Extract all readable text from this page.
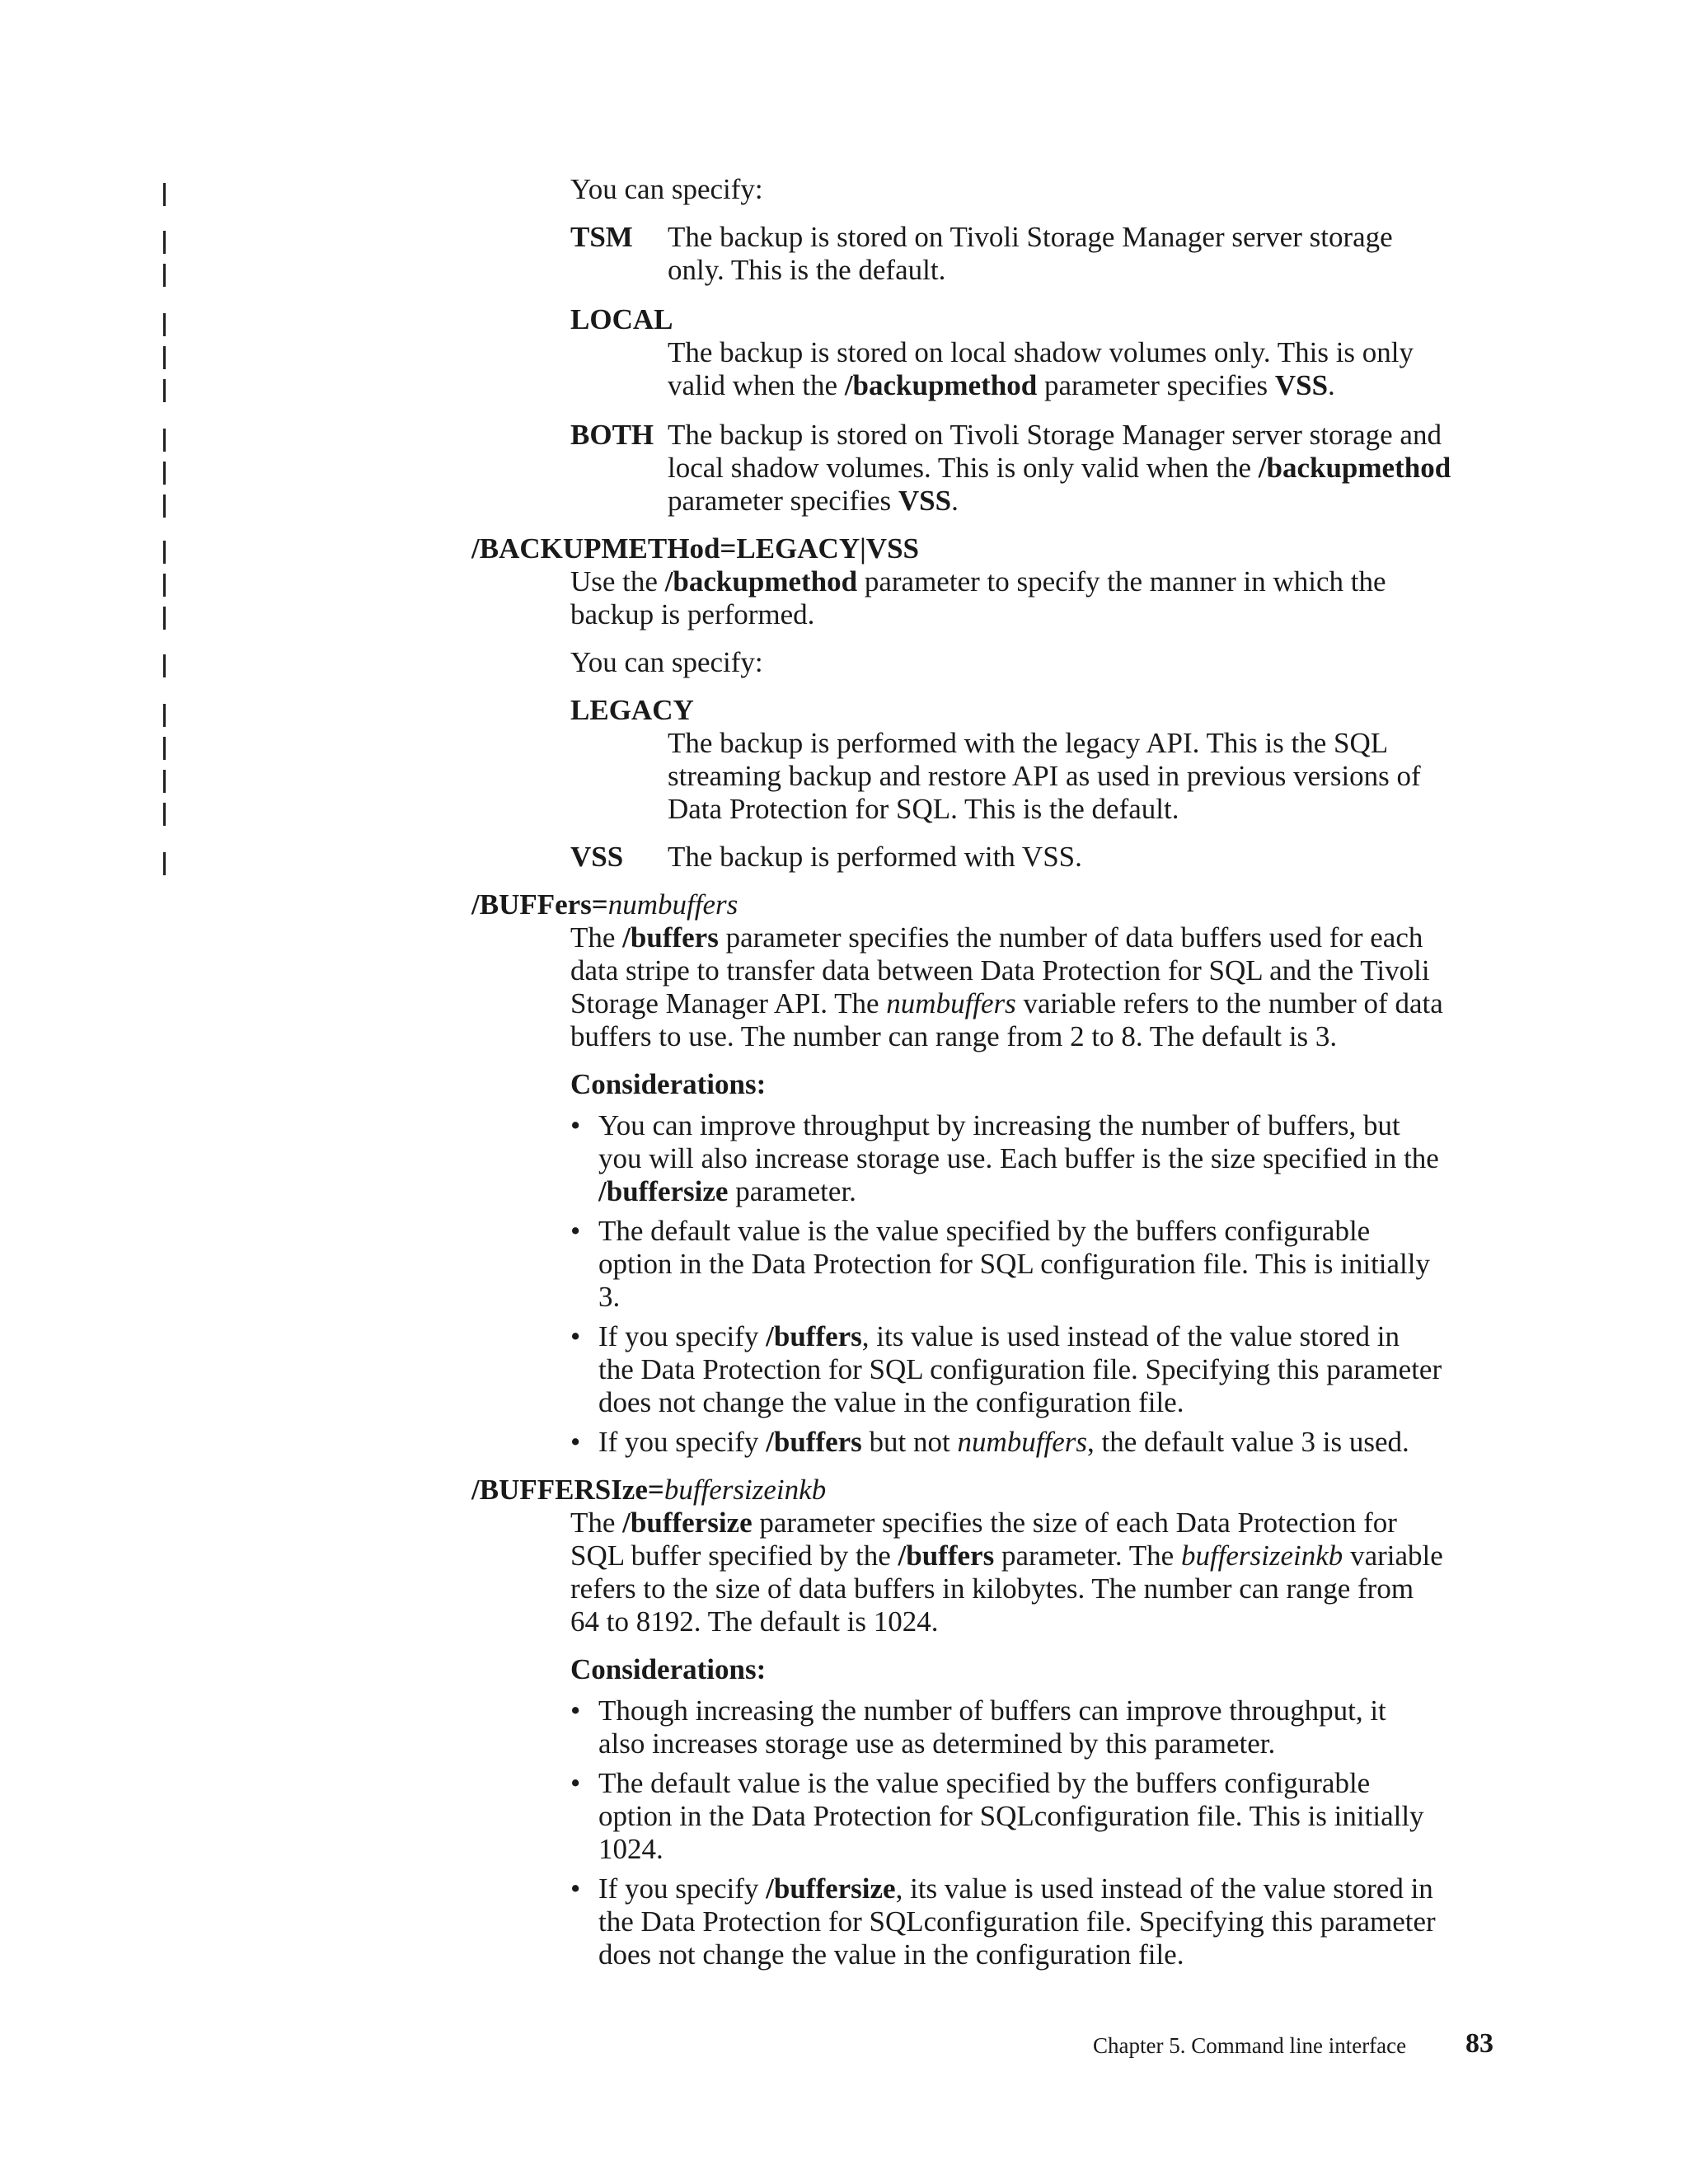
You can specify:
TSM The backup is stored on Tivoli Storage Manager server storage
only. This is the default.
LOCAL
The backup is stored on local shadow volumes only. This is only
valid when the /backupmethod parameter specifies VSS.
BOTH The backup is stored on Tivoli Storage Manager server storage and
local shadow volumes. This is only valid when the /backupmethod
parameter specifies VSS.
/BACKUPMETHod=LEGACY|VSS
Use the /backupmethod parameter to specify the manner in which the
backup is performed.
You can specify:
LEGACY
The backup is performed with the legacy API. This is the SQL
streaming backup and restore API as used in previous versions of
Data Protection for SQL. This is the default.
VSS The backup is performed with VSS.
/BUFFers=numbuffers
The /buffers parameter specifies the number of data buffers used for each
data stripe to transfer data between Data Protection for SQL and the Tivoli
Storage Manager API. The numbuffers variable refers to the number of data
buffers to use. The number can range from 2 to 8. The default is 3.
Considerations:
• You can improve throughput by increasing the number of buffers, but
you will also increase storage use. Each buffer is the size specified in the
/buffersize parameter.
• The default value is the value specified by the buffers configurable
option in the Data Protection for SQL configuration file. This is initially
3.
• If you specify /buffers, its value is used instead of the value stored in
the Data Protection for SQL configuration file. Specifying this parameter
does not change the value in the configuration file.
• If you specify /buffers but not numbuffers, the default value 3 is used.
/BUFFERSIze=buffersizeinkb
The /buffersize parameter specifies the size of each Data Protection for
SQL buffer specified by the /buffers parameter. The buffersizeinkb variable
refers to the size of data buffers in kilobytes. The number can range from
64 to 8192. The default is 1024.
Considerations:
• Though increasing the number of buffers can improve throughput, it
also increases storage use as determined by this parameter.
• The default value is the value specified by the buffers configurable
option in the Data Protection for SQLconfiguration file. This is initially
1024.
• If you specify /buffersize, its value is used instead of the value stored in
the Data Protection for SQLconfiguration file. Specifying this parameter
does not change the value in the configuration file.
Chapter 5. Command line interface 83
